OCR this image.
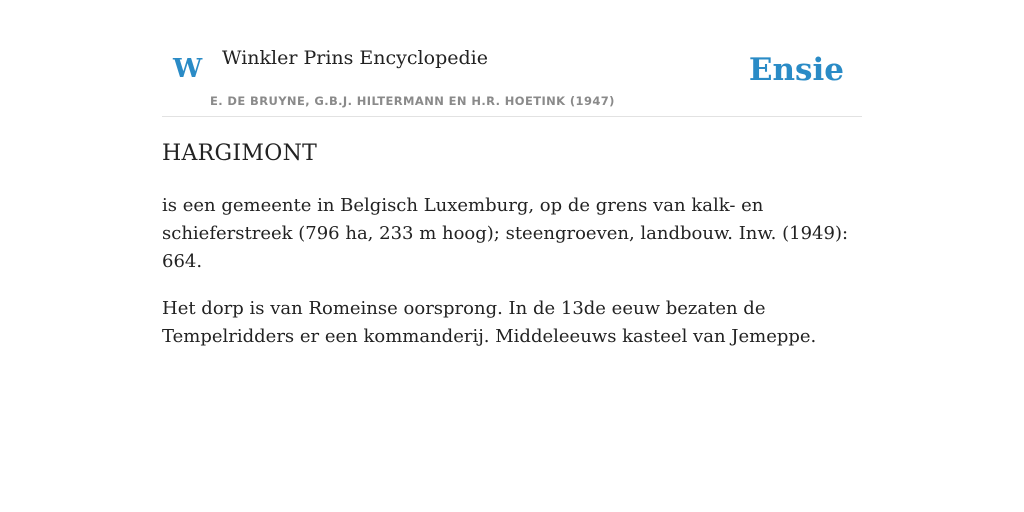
W Winkler Prins Encyclopedie
E. DE BRUYNE, G.B.J. HILTERMANN EN H.R. HOETINK (1947)
Ensie
HARGIMONT

is een gemeente in Belgisch Luxemburg, op de grens van kalk- en schieferstreek (796 ha, 233 m hoog); steengroeven, landbouw. Inw. (1949): 664.

Het dorp is van Romeinse oorsprong. In de 13de eeuw bezaten de Tempelridders er een kommanderij. Middeleeuws kasteel van Jemeppe.
